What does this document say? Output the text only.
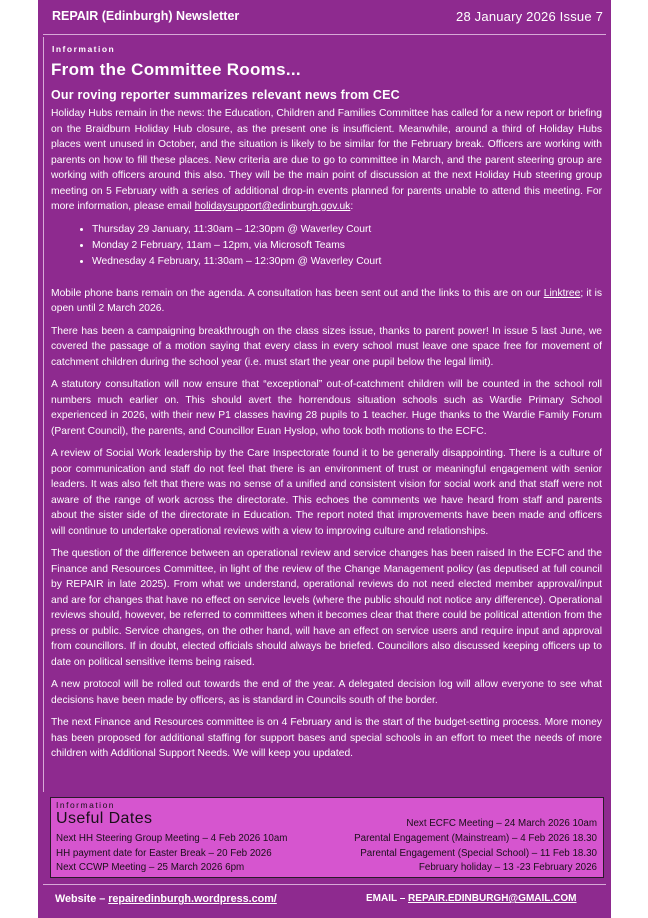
REPAIR (Edinburgh) Newsletter	28 January 2026 Issue 7
Information
From the Committee Rooms...
Our roving reporter summarizes relevant news from CEC

Holiday Hubs remain in the news: the Education, Children and Families Committee has called for a new report or briefing on the Braidburn Holiday Hub closure, as the present one is insufficient. Meanwhile, around a third of Holiday Hubs places went unused in October, and the situation is likely to be similar for the February break. Officers are working with parents on how to fill these places. New criteria are due to go to committee in March, and the parent steering group are working with officers around this also. They will be the main point of discussion at the next Holiday Hub steering group meeting on 5 February with a series of additional drop-in events planned for parents unable to attend this meeting. For more information, please email holidaysupport@edinburgh.gov.uk:

• Thursday 29 January, 11:30am – 12:30pm @ Waverley Court
• Monday 2 February, 11am – 12pm, via Microsoft Teams
• Wednesday 4 February, 11:30am – 12:30pm @ Waverley Court

Mobile phone bans remain on the agenda. A consultation has been sent out and the links to this are on our Linktree; it is open until 2 March 2026.

There has been a campaigning breakthrough on the class sizes issue, thanks to parent power! In issue 5 last June, we covered the passage of a motion saying that every class in every school must leave one space free for movement of catchment children during the school year (i.e. must start the year one pupil below the legal limit).

A statutory consultation will now ensure that “exceptional” out-of-catchment children will be counted in the school roll numbers much earlier on. This should avert the horrendous situation schools such as Wardie Primary School experienced in 2026, with their new P1 classes having 28 pupils to 1 teacher. Huge thanks to the Wardie Family Forum (Parent Council), the parents, and Councillor Euan Hyslop, who took both motions to the ECFC.

A review of Social Work leadership by the Care Inspectorate found it to be generally disappointing. There is a culture of poor communication and staff do not feel that there is an environment of trust or meaningful engagement with senior leaders. It was also felt that there was no sense of a unified and consistent vision for social work and that staff were not aware of the range of work across the directorate. This echoes the comments we have heard from staff and parents about the sister side of the directorate in Education. The report noted that improvements have been made and officers will continue to undertake operational reviews with a view to improving culture and relationships.

The question of the difference between an operational review and service changes has been raised In the ECFC and the Finance and Resources Committee, in light of the review of the Change Management policy (as deputised at full council by REPAIR in late 2025). From what we understand, operational reviews do not need elected member approval/input and are for changes that have no effect on service levels (where the public should not notice any difference). Operational reviews should, however, be referred to committees when it becomes clear that there could be political attention from the press or public. Service changes, on the other hand, will have an effect on service users and require input and approval from councillors. If in doubt, elected officials should always be briefed. Councillors also discussed keeping officers up to date on political sensitive items being raised.

A new protocol will be rolled out towards the end of the year. A delegated decision log will allow everyone to see what decisions have been made by officers, as is standard in Councils south of the border.

The next Finance and Resources committee is on 4 February and is the start of the budget-setting process. More money has been proposed for additional staffing for support bases and special schools in an effort to meet the needs of more children with Additional Support Needs. We will keep you updated.

Information
Useful Dates
Next HH Steering Group Meeting – 4 Feb 2026 10am
HH payment date for Easter Break – 20 Feb 2026
Next CCWP Meeting – 25 March 2026 6pm
Next ECFC Meeting – 24 March 2026 10am
Parental Engagement (Mainstream) – 4 Feb 2026 18.30
Parental Engagement (Special School) – 11 Feb 18.30
February holiday – 13 -23 February 2026
Website – repairedinburgh.wordpress.com/	EMAIL – REPAIR.EDINBURGH@GMAIL.COM
